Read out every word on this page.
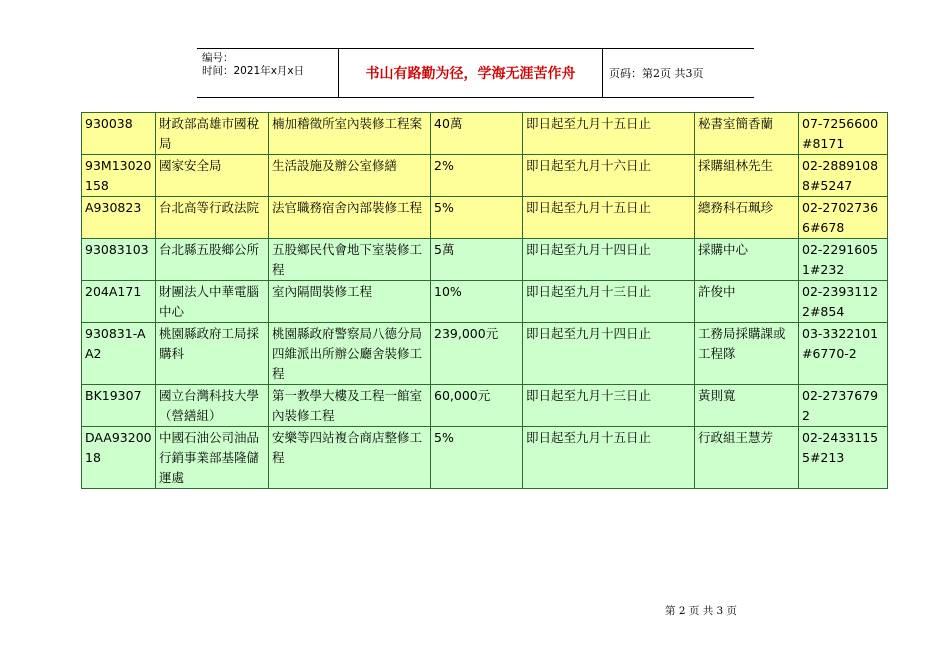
编号：
时间：2021年x月x日	书山有路勤为径，学海无涯苦作舟	页码：第2页 共3页
930038	財政部高雄市國稅局	楠加稽徵所室內裝修工程案	40萬	即日起至九月十五日止	秘書室簡香蘭	07-7256600#8171
93M13020158	國家安全局	生活設施及辦公室修繕	2%	即日起至九月十六日止	採購組林先生	02-28891088#5247
A930823	台北高等行政法院	法官職務宿舍內部裝修工程	5%	即日起至九月十五日止	總務科石珮珍	02-27027366#678
93083103	台北縣五股鄉公所	五股鄉民代會地下室裝修工程	5萬	即日起至九月十四日止	採購中心	02-22916051#232
204A171	財團法人中華電腦中心	室內隔間裝修工程	10%	即日起至九月十三日止	許俊中	02-23931122#854
930831-AA2	桃園縣政府工局採購科	桃園縣政府警察局八德分局四維派出所辦公廳舍裝修工程	239,000元	即日起至九月十四日止	工務局採購課或工程隊	03-3322101#6770-2
BK19307	國立台灣科技大學（營繕組）	第一教學大樓及工程一館室內裝修工程	60,000元	即日起至九月十三日止	黃則寬	02-27376792
DAA9320018	中國石油公司油品行銷事業部基隆儲運處	安樂等四站複合商店整修工程	5%	即日起至九月十五日止	行政組王慧芳	02-24331155#213
第 2 页 共 3 页
